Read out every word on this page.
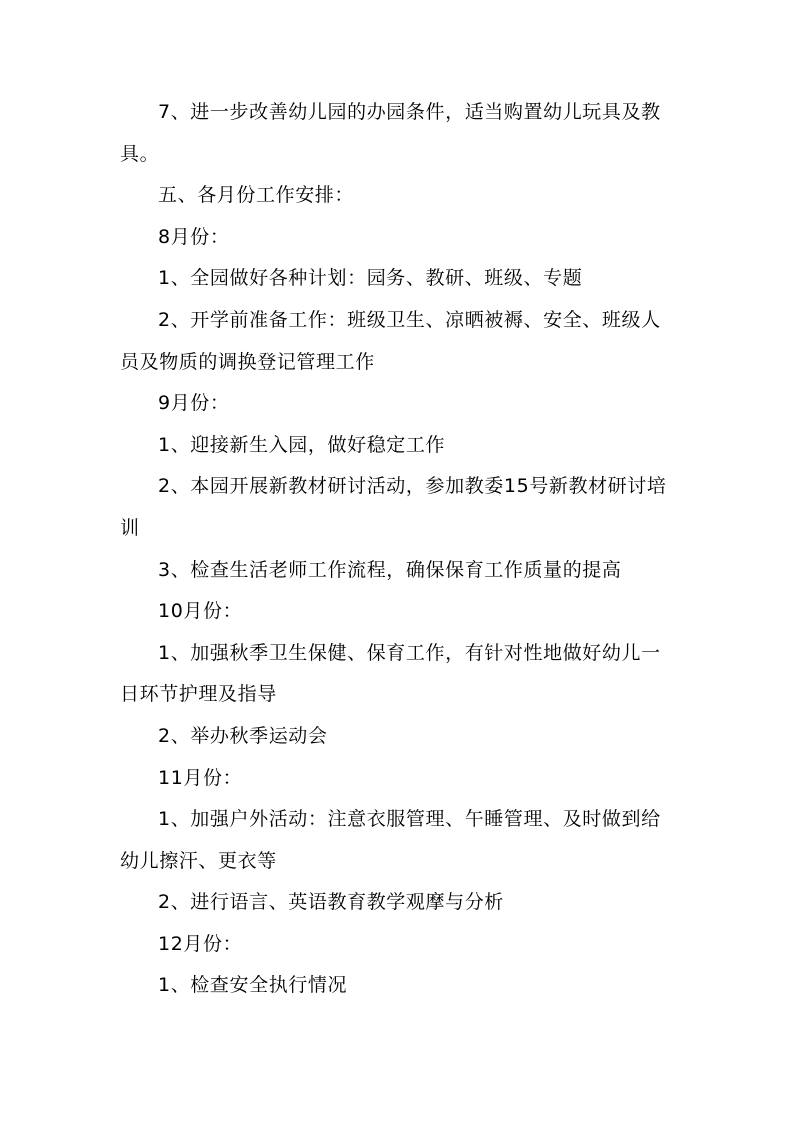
7、进一步改善幼儿园的办园条件，适当购置幼儿玩具及教具。

五、各月份工作安排：

8月份：

1、全园做好各种计划：园务、教研、班级、专题

2、开学前准备工作：班级卫生、凉晒被褥、安全、班级人员及物质的调换登记管理工作

9月份：

1、迎接新生入园，做好稳定工作

2、本园开展新教材研讨活动，参加教委15号新教材研讨培训

3、检查生活老师工作流程，确保保育工作质量的提高

10月份：

1、加强秋季卫生保健、保育工作，有针对性地做好幼儿一日环节护理及指导

2、举办秋季运动会

11月份：

1、加强户外活动：注意衣服管理、午睡管理、及时做到给幼儿擦汗、更衣等

2、进行语言、英语教育教学观摩与分析

12月份：

1、检查安全执行情况
